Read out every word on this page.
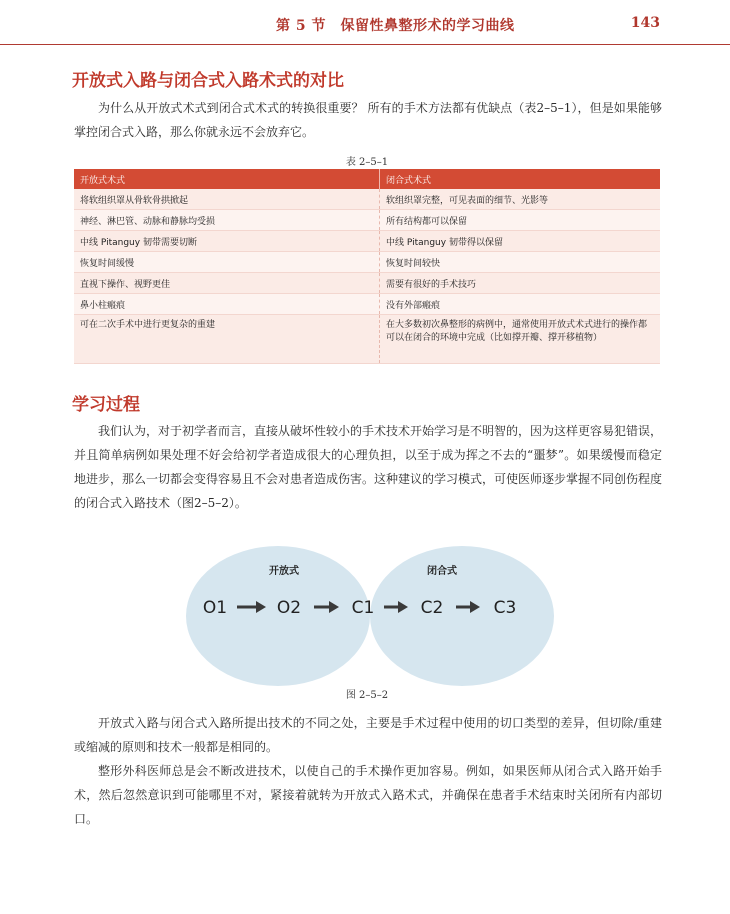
第 5 节　保留性鼻整形术的学习曲线	143
开放式入路与闭合式入路术式的对比

为什么从开放式术式到闭合式术式的转换很重要？ 所有的手术方法都有优缺点（表2–5–1），但是如果能够掌控闭合式入路，那么你就永远不会放弃它。

表 2–5–1
开放式术式	闭合式术式
将软组织罩从骨软骨拱掀起	软组织罩完整，可见表面的细节、光影等
神经、淋巴管、动脉和静脉均受损	所有结构都可以保留
中线 Pitanguy 韧带需要切断	中线 Pitanguy 韧带得以保留
恢复时间缓慢	恢复时间较快
直视下操作、视野更佳	需要有很好的手术技巧
鼻小柱瘢痕	没有外部瘢痕
可在二次手术中进行更复杂的重建	在大多数初次鼻整形的病例中，通常使用开放式术式进行的操作都可以在闭合的环境中完成（比如撑开瓣、撑开移植物）
学习过程

我们认为，对于初学者而言，直接从破坏性较小的手术技术开始学习是不明智的，因为这样更容易犯错误，并且简单病例如果处理不好会给初学者造成很大的心理负担，以至于成为挥之不去的“噩梦”。如果缓慢而稳定地进步，那么一切都会变得容易且不会对患者造成伤害。这种建议的学习模式，可使医师逐步掌握不同创伤程度的闭合式入路技术（图2–5–2）。

开放式	闭合式
O1	O2	C1	C2	C3
图 2–5–2

开放式入路与闭合式入路所提出技术的不同之处，主要是手术过程中使用的切口类型的差异，但切除/重建或缩减的原则和技术一般都是相同的。

整形外科医师总是会不断改进技术，以使自己的手术操作更加容易。例如，如果医师从闭合式入路开始手术，然后忽然意识到可能哪里不对，紧接着就转为开放式入路术式，并确保在患者手术结束时关闭所有内部切口。
